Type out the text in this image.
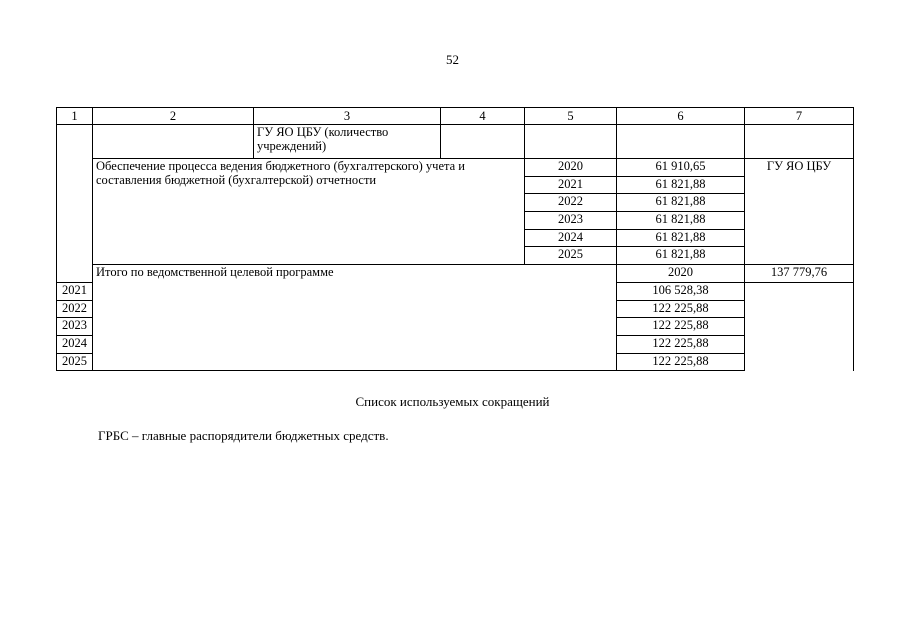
52
1	2	3	4	5	6	7	
		ГУ ЯО ЦБУ (количество учреждений)					
	Обеспечение процесса ведения бюджетного (бухгалтерского) учета и составления бюджетной (бухгалтерской) отчетности			2020	61 910,65	ГУ ЯО ЦБУ	
				2021	61 821,88		
				2022	61 821,88		
				2023	61 821,88		
				2024	61 821,88		
				2025	61 821,88		
	Итого по ведомственной целевой программе				2020	137 779,76	
2021					106 528,38		
2022					122 225,88		
2023					122 225,88		
2024					122 225,88		
2025					122 225,88		
Список используемых сокращений
ГРБС – главные распорядители бюджетных средств.
